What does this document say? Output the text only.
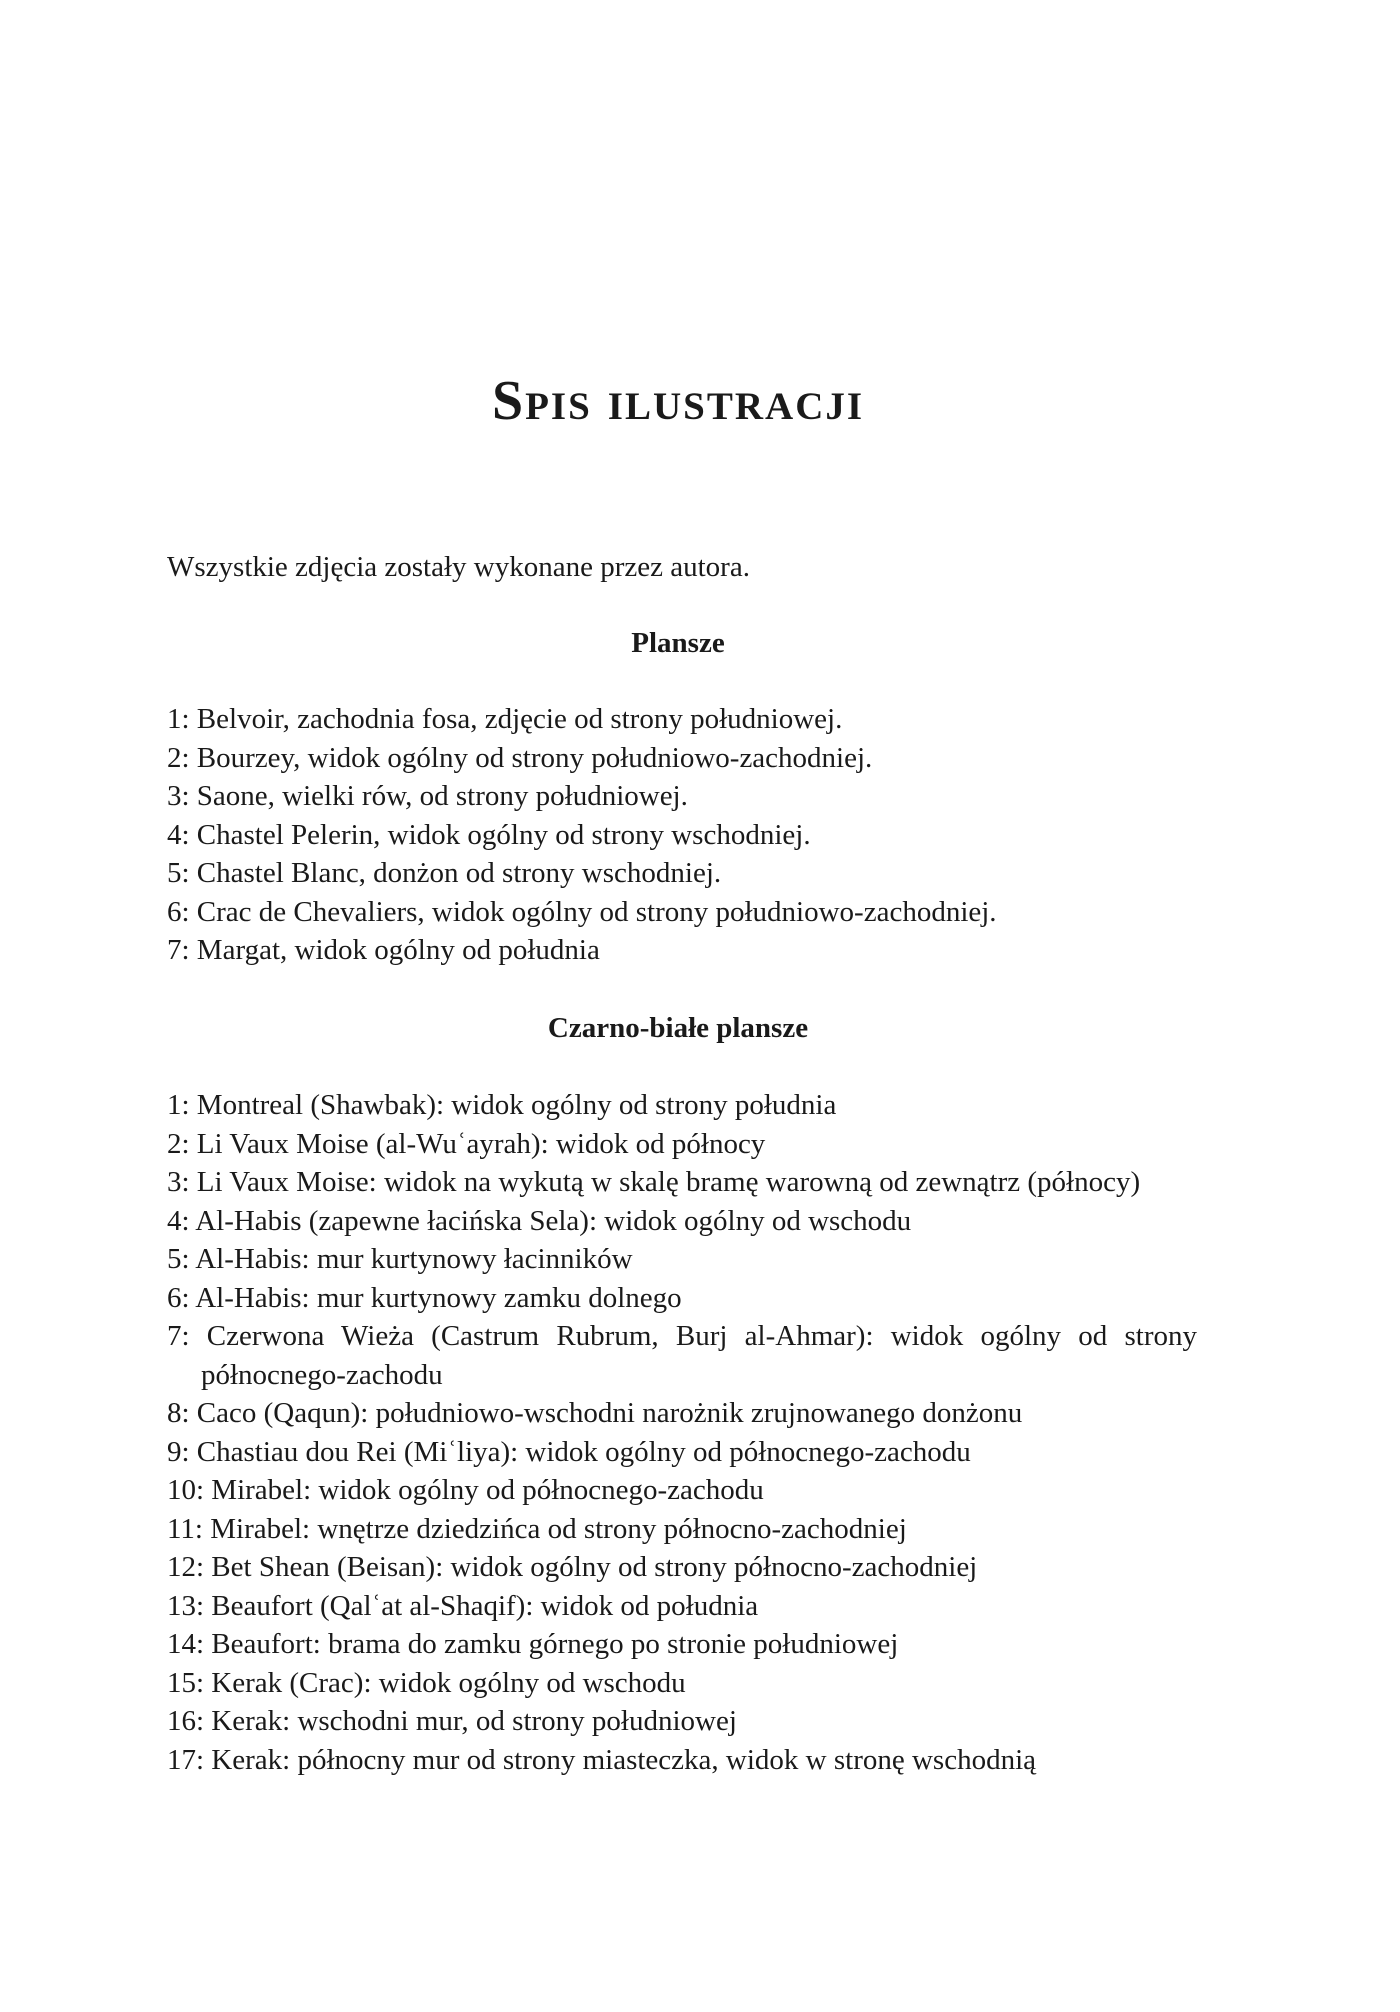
Spis ilustracji

Wszystkie zdjęcia zostały wykonane przez autora.

Plansze
1: Belvoir, zachodnia fosa, zdjęcie od strony południowej.
2: Bourzey, widok ogólny od strony południowo-zachodniej.
3: Saone, wielki rów, od strony południowej.
4: Chastel Pelerin, widok ogólny od strony wschodniej.
5: Chastel Blanc, donżon od strony wschodniej.
6: Crac de Chevaliers, widok ogólny od strony południowo-zachodniej.
7: Margat, widok ogólny od południa
Czarno-białe plansze
1: Montreal (Shawbak): widok ogólny od strony południa
2: Li Vaux Moise (al-Wuʿayrah): widok od północy
3: Li Vaux Moise: widok na wykutą w skalę bramę warowną od zewnątrz (północy)
4: Al-Habis (zapewne łacińska Sela): widok ogólny od wschodu
5: Al-Habis: mur kurtynowy łacinników
6: Al-Habis: mur kurtynowy zamku dolnego
7: Czerwona Wieża (Castrum Rubrum, Burj al-Ahmar): widok ogólny od strony północnego-zachodu
8: Caco (Qaqun): południowo-wschodni narożnik zrujnowanego donżonu
9: Chastiau dou Rei (Miʿliya): widok ogólny od północnego-zachodu
10: Mirabel: widok ogólny od północnego-zachodu
11: Mirabel: wnętrze dziedzińca od strony północno-zachodniej
12: Bet Shean (Beisan): widok ogólny od strony północno-zachodniej
13: Beaufort (Qalʿat al-Shaqif): widok od południa
14: Beaufort: brama do zamku górnego po stronie południowej
15: Kerak (Crac): widok ogólny od wschodu
16: Kerak: wschodni mur, od strony południowej
17: Kerak: północny mur od strony miasteczka, widok w stronę wschodnią
